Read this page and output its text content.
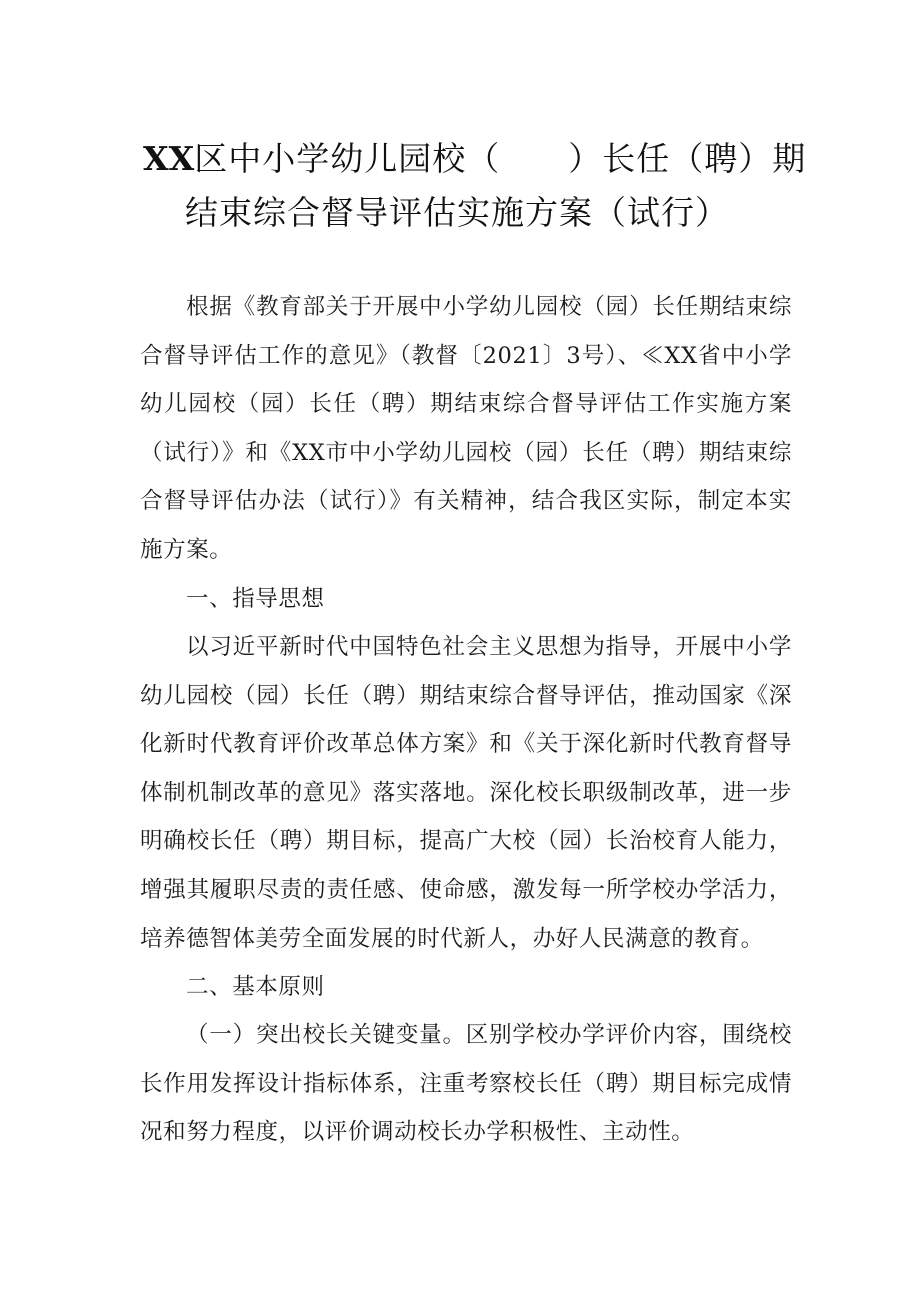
XX区中小学幼儿园校（　　）长任（聘）期
结束综合督导评估实施方案（试行）

根据《教育部关于开展中小学幼儿园校（园）长任期结束综合督导评估工作的意见》（教督〔2021〕3号）、≪XX省中小学幼儿园校（园）长任（聘）期结束综合督导评估工作实施方案（试行）》和《XX市中小学幼儿园校（园）长任（聘）期结束综合督导评估办法（试行）》有关精神，结合我区实际，制定本实施方案。

一、指导思想

以习近平新时代中国特色社会主义思想为指导，开展中小学幼儿园校（园）长任（聘）期结束综合督导评估，推动国家《深化新时代教育评价改革总体方案》和《关于深化新时代教育督导体制机制改革的意见》落实落地。深化校长职级制改革，进一步明确校长任（聘）期目标，提高广大校（园）长治校育人能力，增强其履职尽责的责任感、使命感，激发每一所学校办学活力，培养德智体美劳全面发展的时代新人，办好人民满意的教育。

二、基本原则

（一）突出校长关键变量。区别学校办学评价内容，围绕校长作用发挥设计指标体系，注重考察校长任（聘）期目标完成情况和努力程度，以评价调动校长办学积极性、主动性。
